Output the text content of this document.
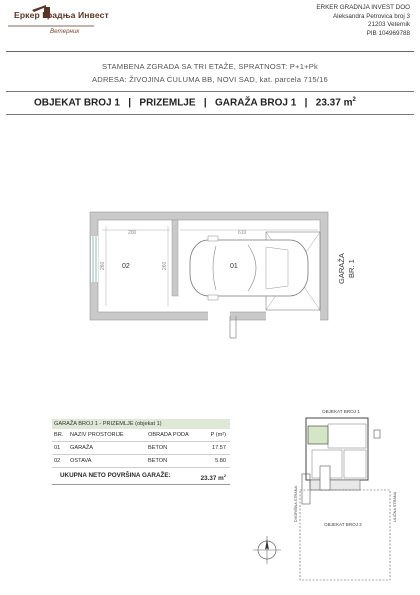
Еркер Градња Инвест
Ветерник
ERKER GRADNJA INVEST DOO
Aleksandra Petrovica broj 3
21203 Veternik
PIB 104969788
STAMBENA ZGRADA SA TRI ETAŽE, SPRATNOST: P+1+Pk
ADRESA: ŽIVOJINA ĆULUMA BB, NOVI SAD, kat. parcela 715/16
OBJEKAT BROJ 1   |   PRIZEMLJE   |   GARAŽA BROJ 1   |   23.37 $m^2$
200	610
260	260
02	01	GARAŽA BR. 1
GARAŽA BROJ 1 - PRIZEMLJE (objekat 1)
BR. NAZIV PROSTORIJE	OBRADA PODA	P (m²)
01 GARAŽA	BETON	17.57
02 OSTAVA	BETON	5.80
UKUPNA NETO POVRŠINA GARAŽE:	23.37 $m^2$
OBJEKAT BROJ 1
OBJEKAT BROJ 2
DVORIŠNA STRANA	ULIČNA STRANA
